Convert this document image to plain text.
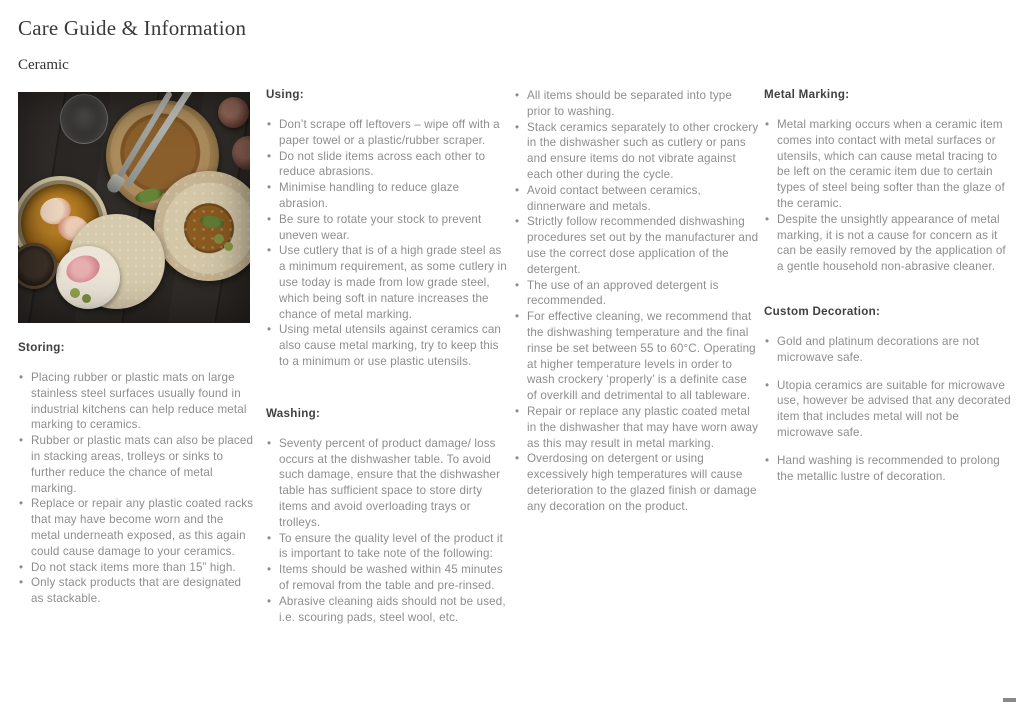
Care Guide & Information
Ceramic
Storing:
• Placing rubber or plastic mats on large stainless steel surfaces usually found in industrial kitchens can help reduce metal marking to ceramics.
• Rubber or plastic mats can also be placed in stacking areas, trolleys or sinks to further reduce the chance of metal marking.
• Replace or repair any plastic coated racks that may have become worn and the metal underneath exposed, as this again could cause damage to your ceramics.
• Do not stack items more than 15” high.
• Only stack products that are designated as stackable.
Using:
• Don’t scrape off leftovers – wipe off with a paper towel or a plastic/rubber scraper.
• Do not slide items across each other to reduce abrasions.
• Minimise handling to reduce glaze abrasion.
• Be sure to rotate your stock to prevent uneven wear.
• Use cutlery that is of a high grade steel as a minimum requirement, as some cutlery in use today is made from low grade steel, which being soft in nature increases the chance of metal marking.
• Using metal utensils against ceramics can also cause metal marking, try to keep this to a minimum or use plastic utensils.
Washing:
• Seventy percent of product damage/ loss occurs at the dishwasher table. To avoid such damage, ensure that the dishwasher table has sufficient space to store dirty items and avoid overloading trays or trolleys.
• To ensure the quality level of the product it is important to take note of the following:
• Items should be washed within 45 minutes of removal from the table and pre-rinsed.
• Abrasive cleaning aids should not be used, i.e. scouring pads, steel wool, etc.
• All items should be separated into type prior to washing.
• Stack ceramics separately to other crockery in the dishwasher such as cutlery or pans and ensure items do not vibrate against each other during the cycle.
• Avoid contact between ceramics, dinnerware and metals.
• Strictly follow recommended dishwashing procedures set out by the manufacturer and use the correct dose application of the detergent.
• The use of an approved detergent is recommended.
• For effective cleaning, we recommend that the dishwashing temperature and the final rinse be set between 55 to 60°C. Operating at higher temperature levels in order to wash crockery ‘properly’ is a definite case of overkill and detrimental to all tableware.
• Repair or replace any plastic coated metal in the dishwasher that may have worn away as this may result in metal marking.
• Overdosing on detergent or using excessively high temperatures will cause deterioration to the glazed finish or damage any decoration on the product.
Metal Marking:
• Metal marking occurs when a ceramic item comes into contact with metal surfaces or utensils, which can cause metal tracing to be left on the ceramic item due to certain types of steel being softer than the glaze of the ceramic.
• Despite the unsightly appearance of metal marking, it is not a cause for concern as it can be easily removed by the application of a gentle household non-abrasive cleaner.
Custom Decoration:
• Gold and platinum decorations are not microwave safe.
• Utopia ceramics are suitable for microwave use, however be advised that any decorated item that includes metal will not be microwave safe.
• Hand washing is recommended to prolong the metallic lustre of decoration.
